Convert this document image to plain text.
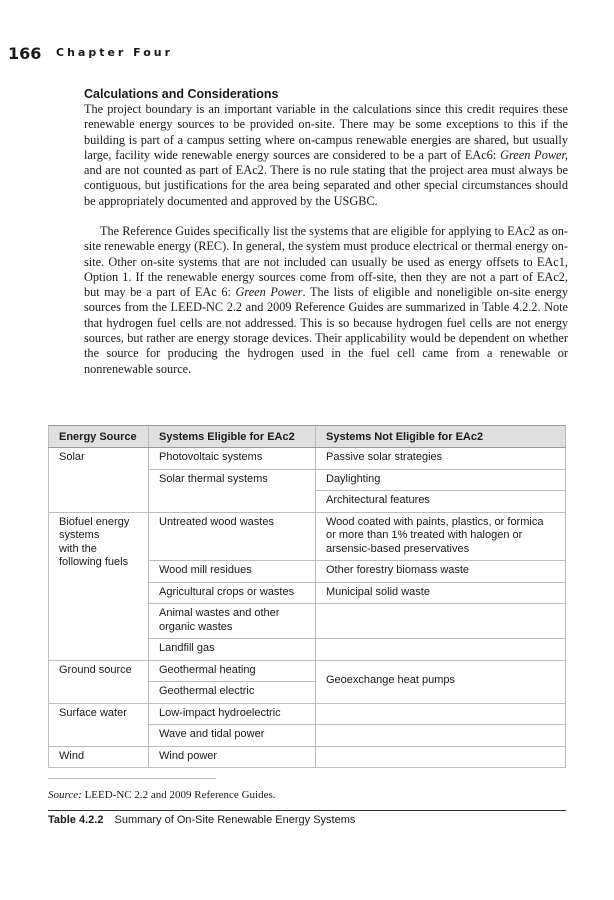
166 Chapter Four
Calculations and Considerations
The project boundary is an important variable in the calculations since this credit requires these renewable energy sources to be provided on-site. There may be some exceptions to this if the building is part of a campus setting where on-campus renewable energies are shared, but usually large, facility wide renewable energy sources are considered to be a part of EAc6: Green Power, and are not counted as part of EAc2. There is no rule stating that the project area must always be contiguous, but justifications for the area being separated and other special circumstances should be appropriately documented and approved by the USGBC.
The Reference Guides specifically list the systems that are eligible for applying to EAc2 as on-site renewable energy (REC). In general, the system must produce electrical or thermal energy on-site. Other on-site systems that are not included can usually be used as energy offsets to EAc1, Option 1. If the renewable energy sources come from off-site, then they are not a part of EAc2, but may be a part of EAc 6: Green Power. The lists of eligible and noneligible on-site energy sources from the LEED-NC 2.2 and 2009 Reference Guides are summarized in Table 4.2.2. Note that hydrogen fuel cells are not addressed. This is so because hydrogen fuel cells are not energy sources, but rather are energy storage devices. Their applicability would be dependent on whether the source for producing the hydrogen used in the fuel cell came from a renewable or nonrenewable source.
Energy Source	Systems Eligible for EAc2	Systems Not Eligible for EAc2
Solar	Photovoltaic systems	Passive solar strategies
	Solar thermal systems	Daylighting
		Architectural features

Biofuel energy systems
with the following fuels	Untreated wood wastes	Wood coated with paints, plastics, or formica or more than 1% treated with halogen or arsensic-based preservatives
	Wood mill residues	Other forestry biomass waste
	Agricultural crops or wastes	Municipal solid waste
	Animal wastes and other organic wastes	
	Landfill gas	
Ground source	Geothermal heating	Geoexchange heat pumps
	Geothermal electric	
Surface water	Low-impact hydroelectric	
	Wave and tidal power	
Wind	Wind power	
Source: LEED-NC 2.2 and 2009 Reference Guides.
Table 4.2.2 Summary of On-Site Renewable Energy Systems
